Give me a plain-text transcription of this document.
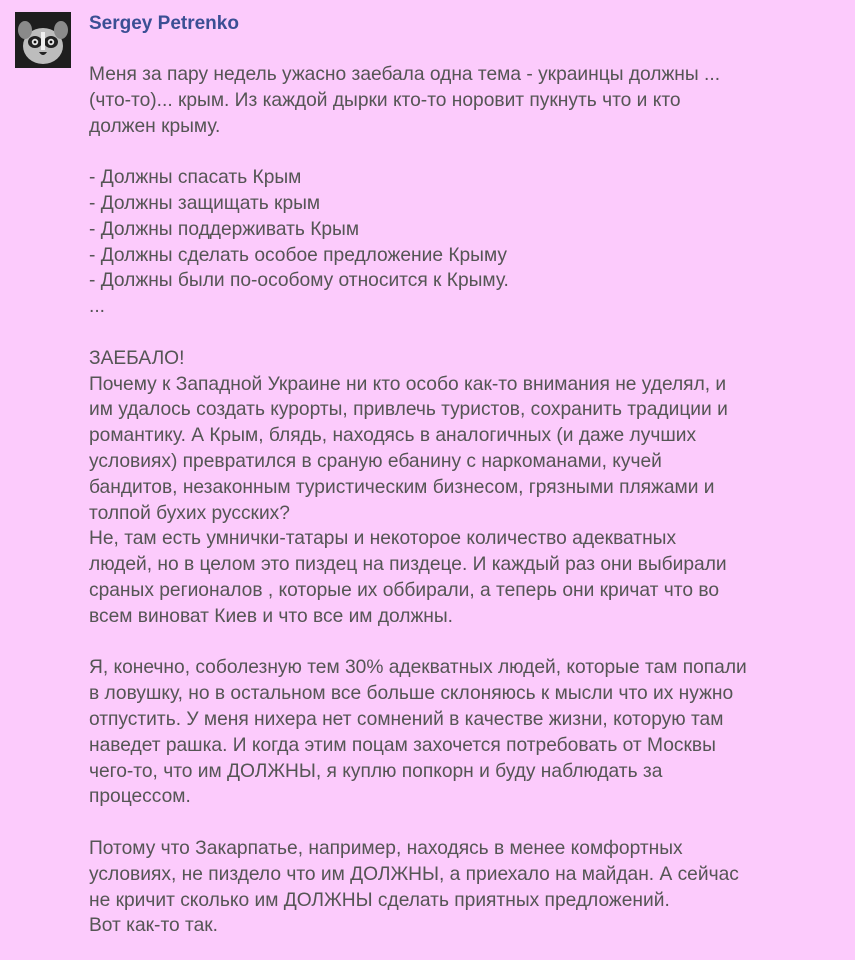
Sergey Petrenko
Меня за пару недель ужасно заебала одна тема - украинцы должны ...
(что-то)... крым. Из каждой дырки кто-то норовит пукнуть что и кто
должен крыму.
- Должны спасать Крым
- Должны защищать крым
- Должны поддерживать Крым
- Должны сделать особое предложение Крыму
- Должны были по-особому относится к Крыму.
...
ЗАЕБАЛО!
Почему к Западной Украине ни кто особо как-то внимания не уделял, и
им удалось создать курорты, привлечь туристов, сохранить традиции и
романтику. А Крым, блядь, находясь в аналогичных (и даже лучших
условиях) превратился в сраную ебанину с наркоманами, кучей
бандитов, незаконным туристическим бизнесом, грязными пляжами и
толпой бухих русских?
Не, там есть умнички-татары и некоторое количество адекватных
людей, но в целом это пиздец на пиздеце. И каждый раз они выбирали
сраных регионалов , которые их оббирали, а теперь они кричат что во
всем виноват Киев и что все им должны.
Я, конечно, соболезную тем 30% адекватных людей, которые там попали
в ловушку, но в остальном все больше склоняюсь к мысли что их нужно
отпустить. У меня нихера нет сомнений в качестве жизни, которую там
наведет рашка. И когда этим поцам захочется потребовать от Москвы
чего-то, что им ДОЛЖНЫ, я куплю попкорн и буду наблюдать за
процессом.
Потому что Закарпатье, например, находясь в менее комфортных
условиях, не пиздело что им ДОЛЖНЫ, а приехало на майдан. А сейчас
не кричит сколько им ДОЛЖНЫ сделать приятных предложений.
Вот как-то так.
